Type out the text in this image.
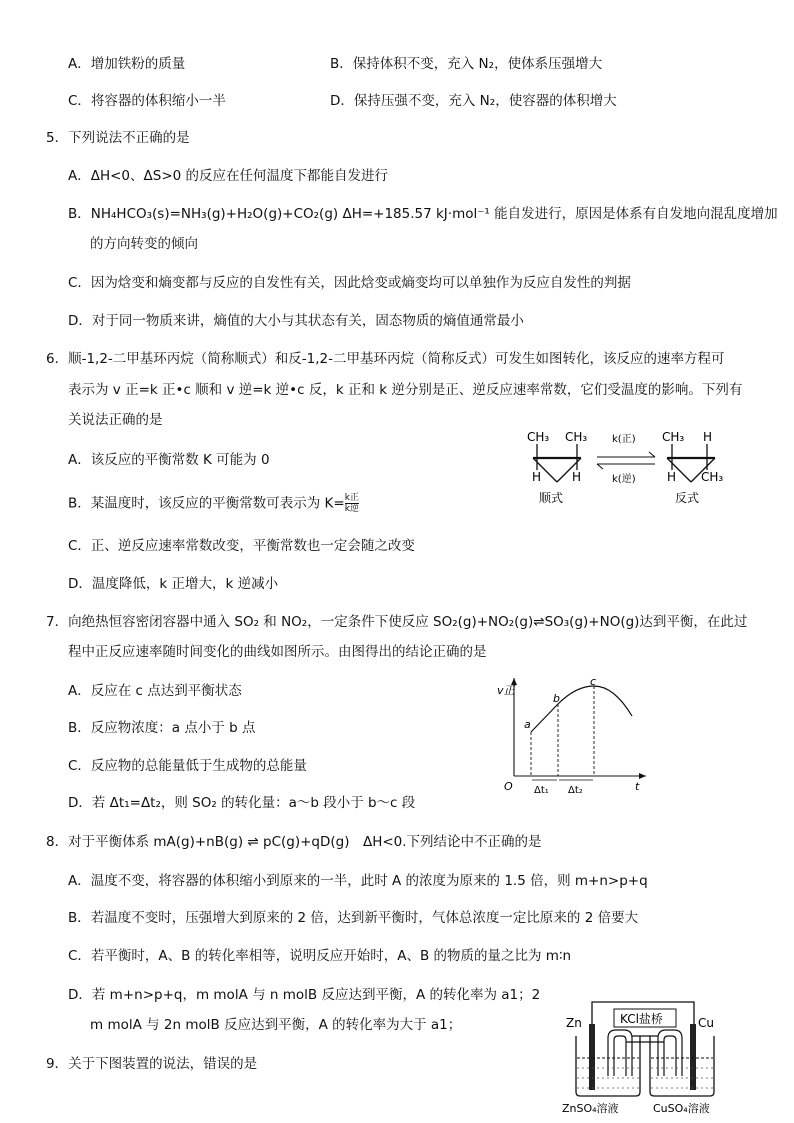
A．增加铁粉的质量	B．保持体积不变，充入 N₂，使体系压强增大
C．将容器的体积缩小一半	D．保持压强不变，充入 N₂，使容器的体积增大
5．下列说法不正确的是
A．ΔH<0、ΔS>0 的反应在任何温度下都能自发进行
B．NH₄HCO₃(s)=NH₃(g)+H₂O(g)+CO₂(g) ΔH=+185.57 kJ·mol⁻¹ 能自发进行，原因是体系有自发地向混乱度增加
的方向转变的倾向
C．因为焓变和熵变都与反应的自发性有关，因此焓变或熵变均可以单独作为反应自发性的判据
D．对于同一物质来讲，熵值的大小与其状态有关，固态物质的熵值通常最小
6．顺-1,2-二甲基环丙烷（简称顺式）和反-1,2-二甲基环丙烷（简称反式）可发生如图转化，该反应的速率方程可
表示为 v 正=k 正•c 顺和 v 逆=k 逆•c 反，k 正和 k 逆分别是正、逆反应速率常数，它们受温度的影响。下列有
关说法正确的是
A．该反应的平衡常数 K 可能为 0
B．某温度时，该反应的平衡常数可表示为 K= k正
k逆
C．正、逆反应速率常数改变，平衡常数也一定会随之改变
D．温度降低，k 正增大，k 逆减小
CH₃ CH₃
H	H
顺式
k(正)
k(逆)
CH₃ H
H CH₃
反式
7．向绝热恒容密闭容器中通入 SO₂ 和 NO₂，一定条件下使反应 SO₂(g)+NO₂(g)⇌SO₃(g)+NO(g)达到平衡，在此过
程中正反应速率随时间变化的曲线如图所示。由图得出的结论正确的是
A．反应在 c 点达到平衡状态
B．反应物浓度：a 点小于 b 点
C．反应物的总能量低于生成物的总能量
D．若 Δt₁=Δt₂，则 SO₂ 的转化量：a～b 段小于 b～c 段
v正
t
O
a
b
c
Δt₁ Δt₂
8．对于平衡体系 mA(g)+nB(g) ⇌ pC(g)+qD(g)　ΔH<0.下列结论中不正确的是
A．温度不变，将容器的体积缩小到原来的一半，此时 A 的浓度为原来的 1.5 倍，则 m+n>p+q
B．若温度不变时，压强增大到原来的 2 倍，达到新平衡时，气体总浓度一定比原来的 2 倍要大
C．若平衡时，A、B 的转化率相等，说明反应开始时，A、B 的物质的量之比为 m∶n
D．若 m+n>p+q，m molA 与 n molB 反应达到平衡，A 的转化率为 a1；2
m molA 与 2n molB 反应达到平衡，A 的转化率为大于 a1；
9．关于下图装置的说法，错误的是
KCl盐桥
Zn	Cu
ZnSO₄溶液	CuSO₄溶液
